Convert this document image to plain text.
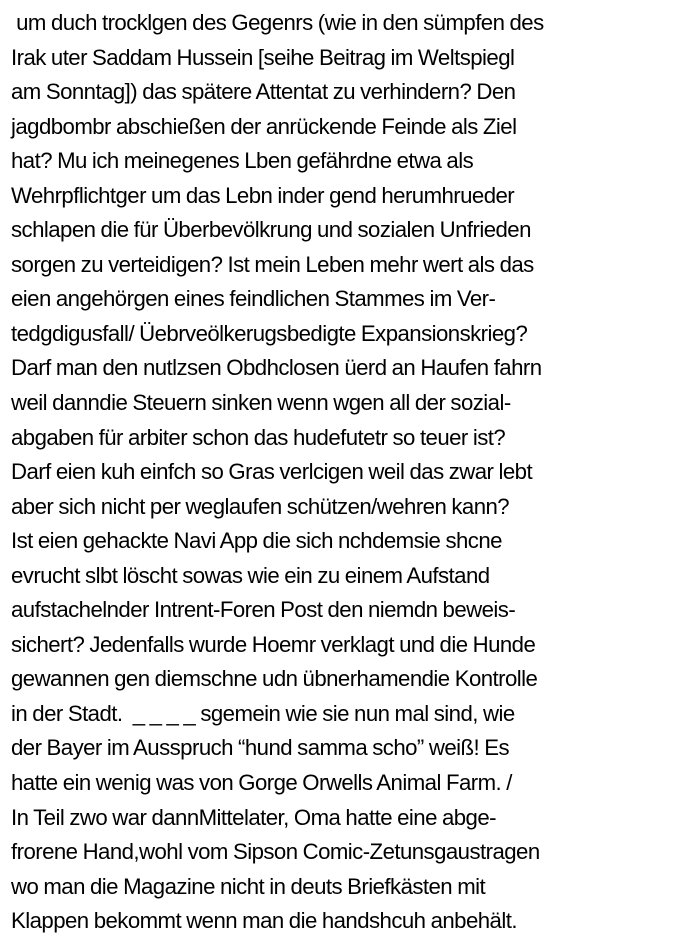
um duch trocklgen des Gegenrs (wie in den sümpfen des
Irak uter Saddam Hussein [seihe Beitrag im Weltspiegl
am Sonntag]) das spätere Attentat zu verhindern? Den
jagdbombr abschießen der anrückende Feinde als Ziel
hat? Mu ich meinegenes Lben gefährdne etwa als
Wehrpflichtger um das Lebn inder gend herumhrueder
schlapen die für Überbevölkrung und sozialen Unfrieden
sorgen zu verteidigen? Ist mein Leben mehr wert als das
eien angehörgen eines feindlichen Stammes im Ver-
tedgdigusfall/ Üebrveölkerugsbedigte Expansionskrieg?
Darf man den nutlzsen Obdhclosen üerd an Haufen fahrn
weil danndie Steuern sinken wenn wgen all der sozial-
abgaben für arbiter schon das hudefutetr so teuer ist?
Darf eien kuh einfch so Gras verlcigen weil das zwar lebt
aber sich nicht per weglaufen schützen/wehren kann?
Ist eien gehackte Navi App die sich nchdemsie shcne
evrucht slbt löscht sowas wie ein zu einem Aufstand
aufstachelnder Intrent-Foren Post den niemdn beweis-
sichert? Jedenfalls wurde Hoemr verklagt und die Hunde
gewannen gen diemschne udn übnerhamendie Kontrolle
in der Stadt.  _ _ _ _ sgemein wie sie nun mal sind, wie
der Bayer im Ausspruch “hund samma scho” weiß! Es
hatte ein wenig was von Gorge Orwells Animal Farm. /
In Teil zwo war dannMittelater, Oma hatte eine abge-
frorene Hand,wohl vom Sipson Comic-Zetunsgaustragen
wo man die Magazine nicht in deuts Briefkästen mit
Klappen bekommt wenn man die handshcuh anbehält.
